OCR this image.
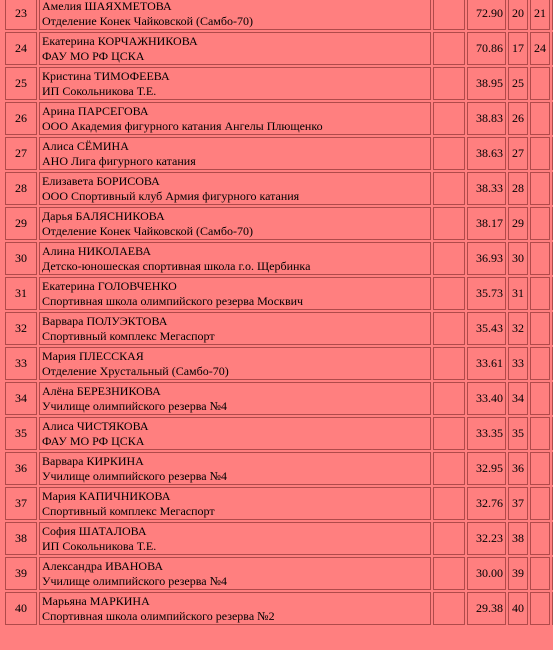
23	Амелия ШАЯХМЕТОВА
Отделение Конек Чайковской (Самбо-70)		72.90	20	21	
24	Екатерина КОРЧАЖНИКОВА
ФАУ МО РФ ЦСКА		70.86	17	24	
25	Кристина ТИМОФЕЕВА
ИП Сокольникова Т.Е.		38.95	25		
26	Арина ПАРСЕГОВА
ООО Академия фигурного катания Ангелы Плющенко		38.83	26		
27	Алиса СЁМИНА
АНО Лига фигурного катания		38.63	27		
28	Елизавета БОРИСОВА
ООО Спортивный клуб Армия фигурного катания		38.33	28		
29	Дарья БАЛЯСНИКОВА
Отделение Конек Чайковской (Самбо-70)		38.17	29		
30	Алина НИКОЛАЕВА
Детско-юношеская спортивная школа г.о. Щербинка		36.93	30		
31	Екатерина ГОЛОВЧЕНКО
Спортивная школа олимпийского резерва Москвич		35.73	31		
32	Варвара ПОЛУЭКТОВА
Спортивный комплекс Мегаспорт		35.43	32		
33	Мария ПЛЕССКАЯ
Отделение Хрустальный (Самбо-70)		33.61	33		
34	Алёна БЕРЕЗНИКОВА
Училище олимпийского резерва №4		33.40	34		
35	Алиса ЧИСТЯКОВА
ФАУ МО РФ ЦСКА		33.35	35		
36	Варвара КИРКИНА
Училище олимпийского резерва №4		32.95	36		
37	Мария КАПИЧНИКОВА
Спортивный комплекс Мегаспорт		32.76	37		
38	София ШАТАЛОВА
ИП Сокольникова Т.Е.		32.23	38		
39	Александра ИВАНОВА
Училище олимпийского резерва №4		30.00	39		
40	Марьяна МАРКИНА
Спортивная школа олимпийского резерва №2		29.38	40		
